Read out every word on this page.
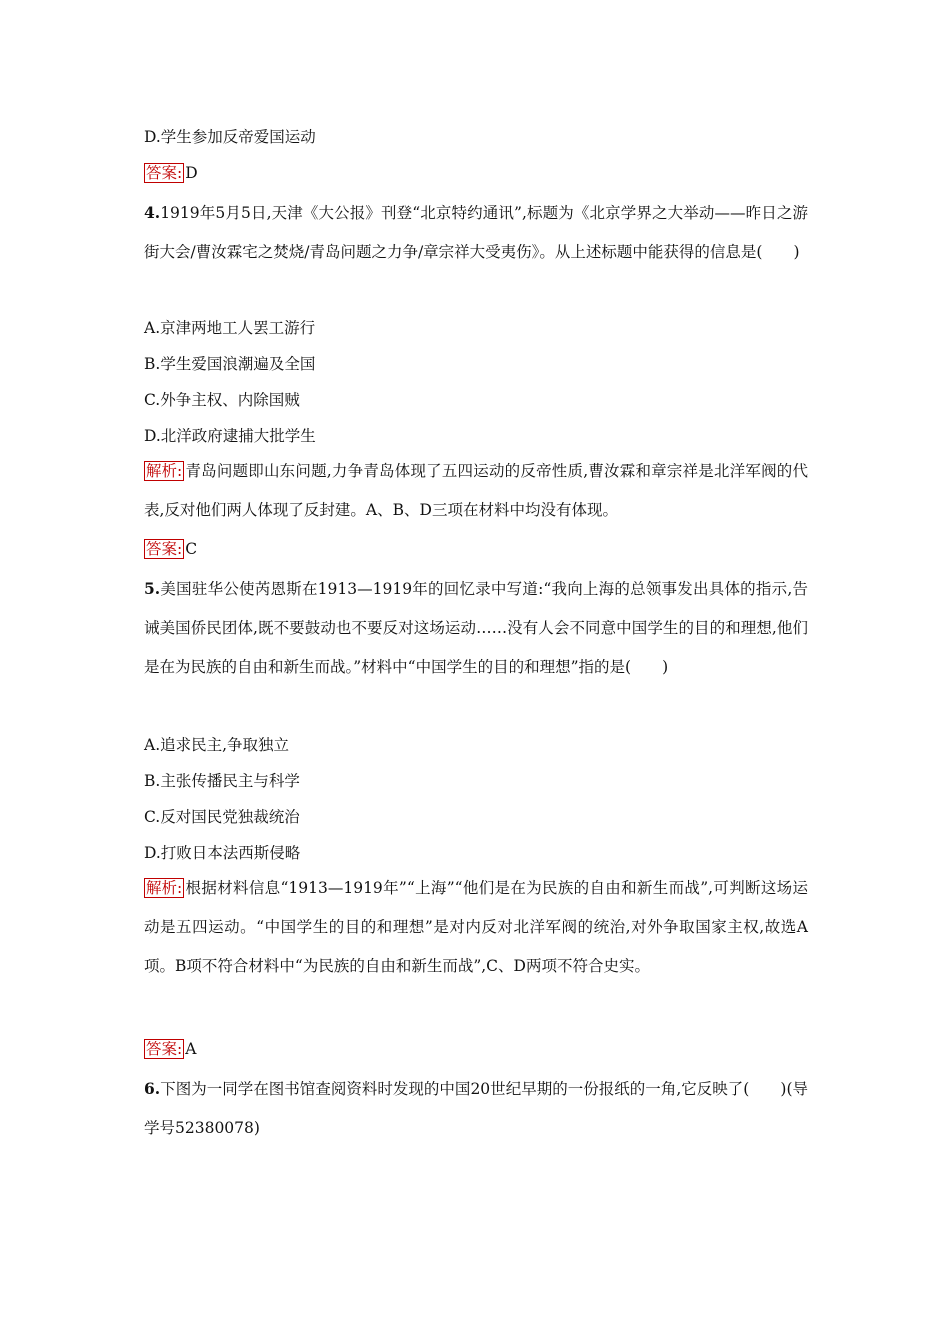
D.学生参加反帝爱国运动
答案: D
4.1919年5月5日,天津《大公报》刊登“北京特约通讯”,标题为《北京学界之大举动——昨日之游街大会/曹汝霖宅之焚烧/青岛问题之力争/章宗祥大受夷伤》。从上述标题中能获得的信息是(　　)
A.京津两地工人罢工游行
B.学生爱国浪潮遍及全国
C.外争主权、内除国贼
D.北洋政府逮捕大批学生
解析: 青岛问题即山东问题,力争青岛体现了五四运动的反帝性质,曹汝霖和章宗祥是北洋军阀的代表,反对他们两人体现了反封建。A、B、D三项在材料中均没有体现。
答案: C
5.美国驻华公使芮恩斯在1913—1919年的回忆录中写道:“我向上海的总领事发出具体的指示,告诫美国侨民团体,既不要鼓动也不要反对这场运动……没有人会不同意中国学生的目的和理想,他们是在为民族的自由和新生而战。”材料中“中国学生的目的和理想”指的是(　　)
A.追求民主,争取独立
B.主张传播民主与科学
C.反对国民党独裁统治
D.打败日本法西斯侵略
解析: 根据材料信息“1913—1919年”“上海”“他们是在为民族的自由和新生而战”,可判断这场运动是五四运动。“中国学生的目的和理想”是对内反对北洋军阀的统治,对外争取国家主权,故选A项。B项不符合材料中“为民族的自由和新生而战”,C、D两项不符合史实。
答案: A
6.下图为一同学在图书馆查阅资料时发现的中国20世纪早期的一份报纸的一角,它反映了(　　)(导学号52380078)
